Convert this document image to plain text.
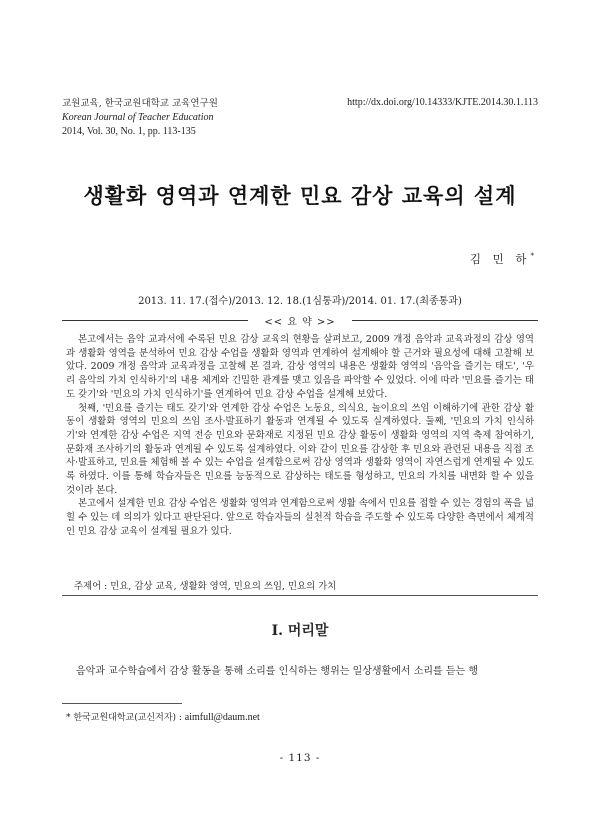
교원교육, 한국교원대학교 교육연구원
Korean Journal of Teacher Education
2014, Vol. 30, No. 1, pp. 113-135
http://dx.doi.org/10.14333/KJTE.2014.30.1.113
생활화 영역과 연계한 민요 감상 교육의 설계
김 민 하*
2013. 11. 17.(접수)/2013. 12. 18.(1심통과)/2014. 01. 17.(최종통과)
<< 요 약 >>

본고에서는 음악 교과서에 수록된 민요 감상 교육의 현황을 살펴보고, 2009 개정 음악과 교육과정의 감상 영역과 생활화 영역을 분석하여 민요 감상 수업을 생활화 영역과 연계하여 설계해야 할 근거와 필요성에 대해 고찰해 보았다. 2009 개정 음악과 교육과정을 고찰해 본 결과, 감상 영역의 내용은 생활화 영역의 '음악을 즐기는 태도', '우리 음악의 가치 인식하기'의 내용 체계와 긴밀한 관계를 맺고 있음을 파악할 수 있었다. 이에 따라 '민요를 즐기는 태도 갖기'와 '민요의 가치 인식하기'를 연계하여 민요 감상 수업을 설계해 보았다.

첫째, '민요를 즐기는 태도 갖기'와 연계한 감상 수업은 노동요, 의식요, 놀이요의 쓰임 이해하기에 관한 감상 활동이 생활화 영역의 민요의 쓰임 조사·발표하기 활동과 연계될 수 있도록 실계하였다. 둘째, '민요의 가치 인식하기'와 연계한 감상 수업은 지역 전승 민요와 문화재로 지정된 민요 감상 활동이 생활화 영역의 지역 축제 참여하기, 문화재 조사하기의 활동과 연계될 수 있도록 설계하였다. 이와 같이 민요를 감상한 후 민요와 관련된 내용을 직접 조사·발표하고, 민요를 체험해 볼 수 있는 수업을 설계함으로써 감상 영역과 생활화 영역이 자연스럽게 연계될 수 있도록 하였다. 이를 통해 학습자들은 민요를 능동적으로 감상하는 태도를 형성하고, 민요의 가치를 내면화 할 수 있을 것이라 본다.

본고에서 설계한 민요 감상 수업은 생활화 영역과 연계함으로써 생활 속에서 민요를 접할 수 있는 경험의 폭을 넓힐 수 있는 데 의의가 있다고 판단된다. 앞으로 학습자들의 실천적 학습을 주도할 수 있도록 다양한 측면에서 체계적인 민요 감상 교육이 설계될 필요가 있다.

주제어 : 민요, 감상 교육, 생활화 영역, 민요의 쓰임, 민요의 가치
Ⅰ. 머리말
음악과 교수학습에서 감상 활동을 통해 소리를 인식하는 행위는 일상생활에서 소리를 듣는 행
* 한국교원대학교(교신저자) : aimfull@daum.net
- 113 -
